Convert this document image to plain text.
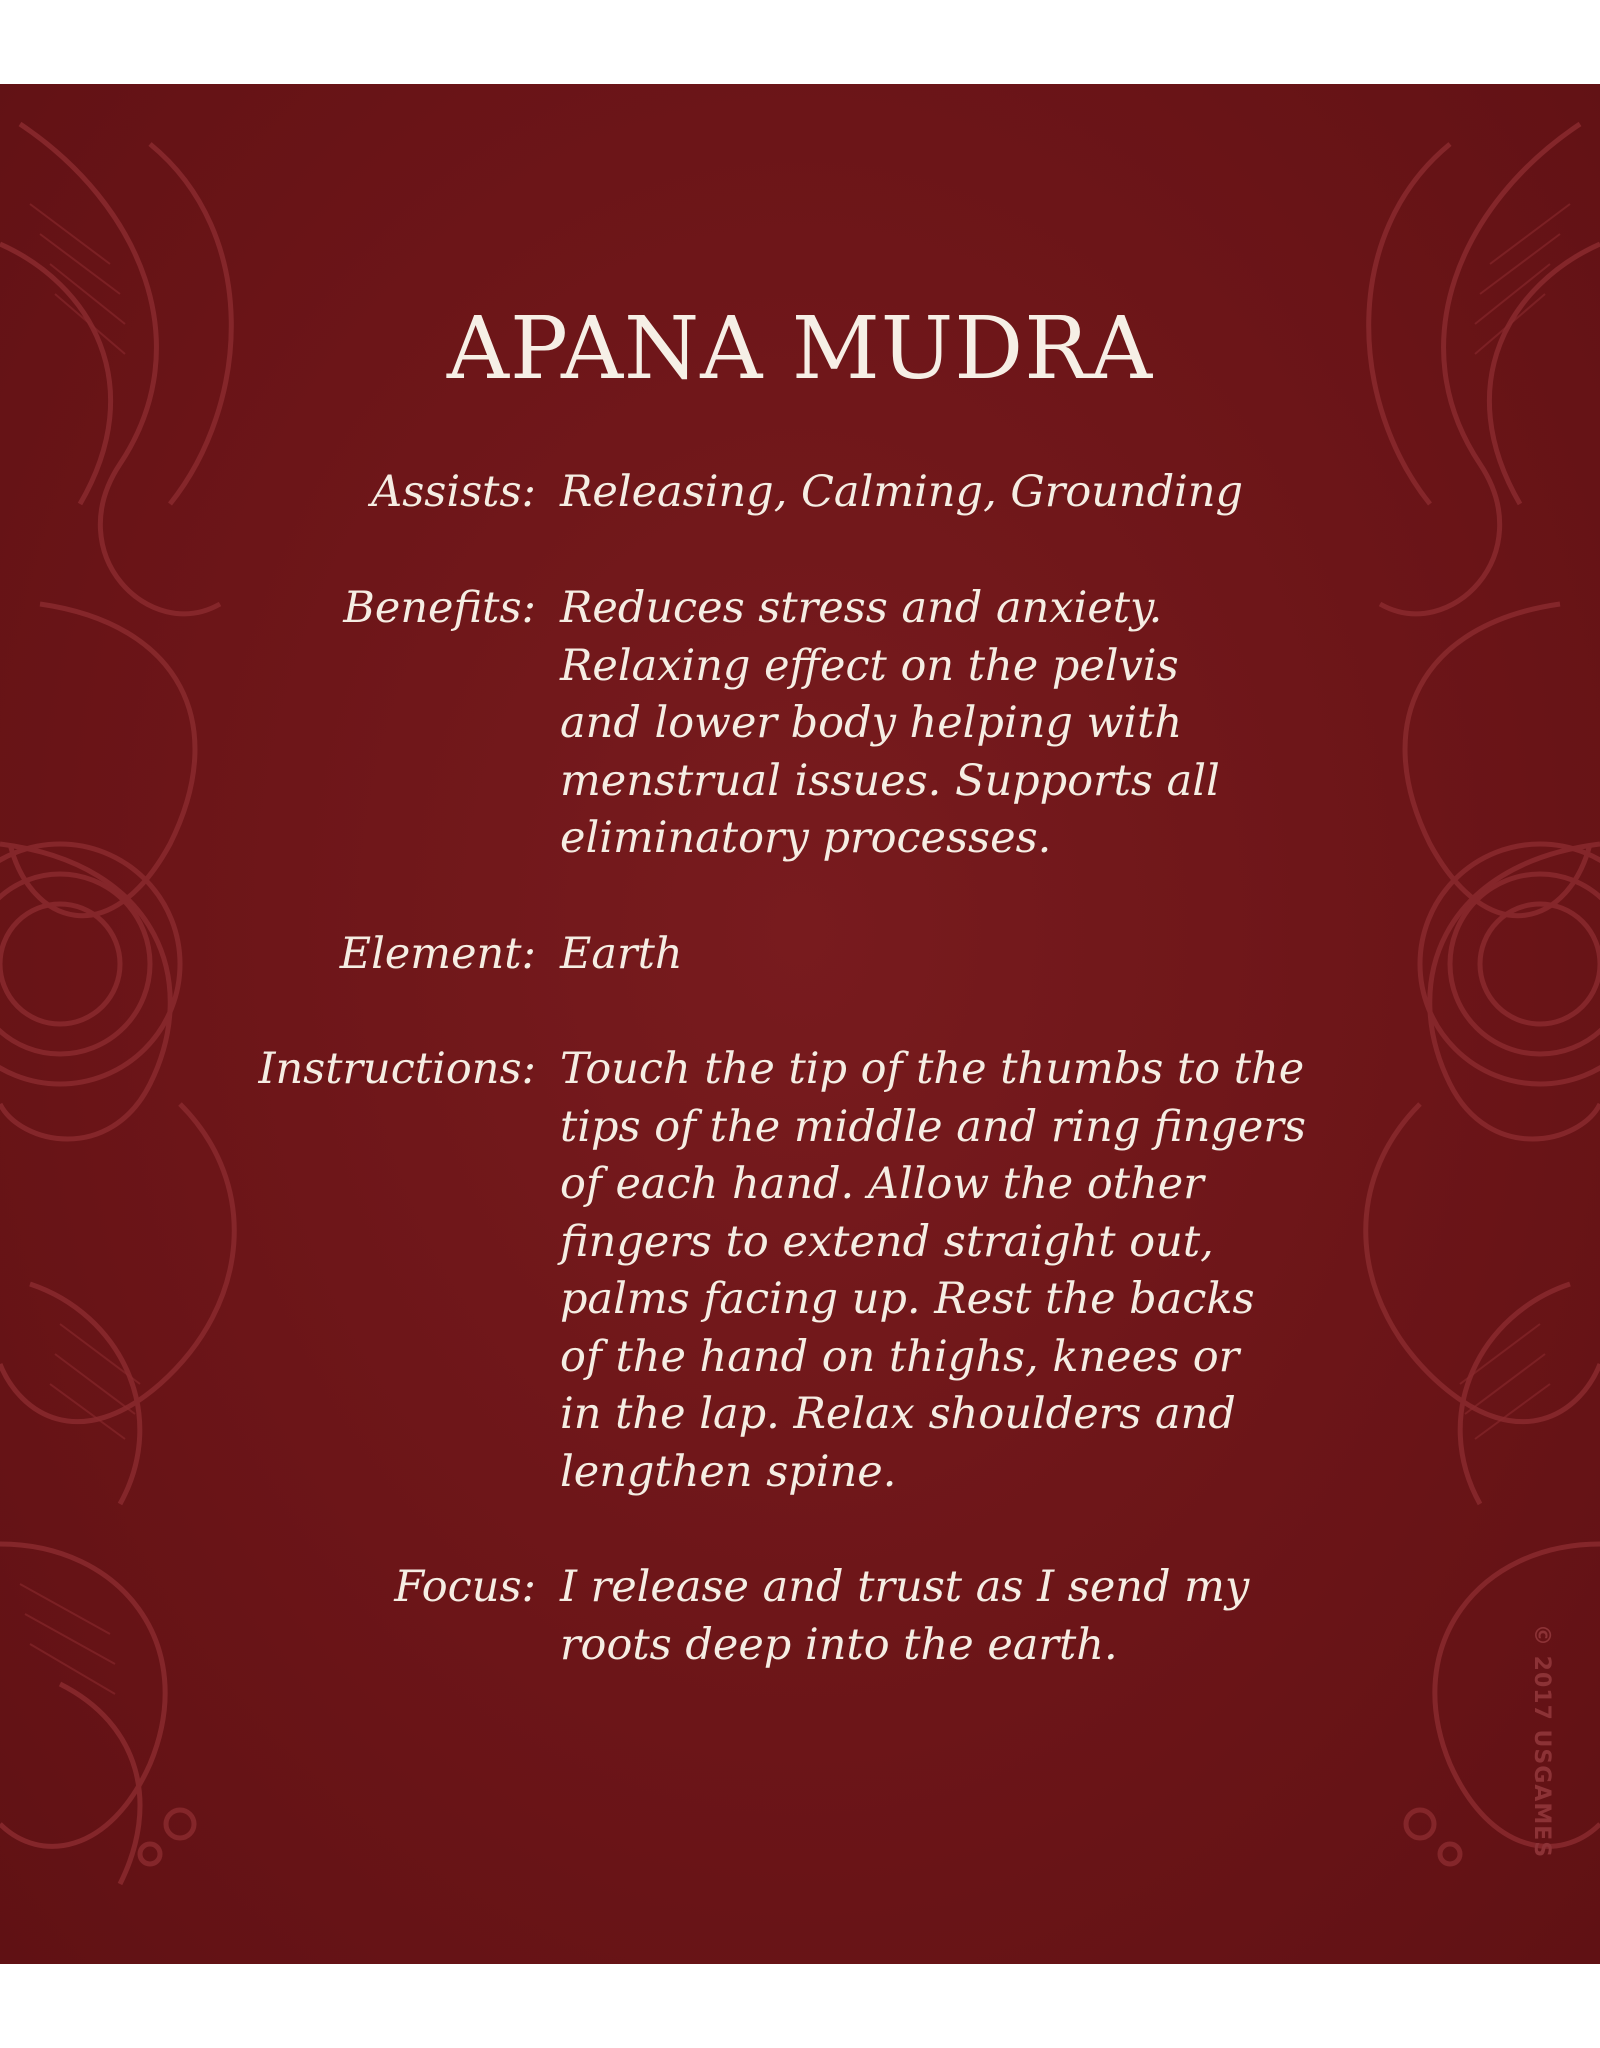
APANA MUDRA
Assists: Releasing, Calming, Grounding
Benefits: Reduces stress and anxiety.
Relaxing effect on the pelvis
and lower body helping with
menstrual issues. Supports all
eliminatory processes.
Element: Earth
Instructions: Touch the tip of the thumbs to the
tips of the middle and ring fingers
of each hand. Allow the other
fingers to extend straight out,
palms facing up. Rest the backs
of the hand on thighs, knees or
in the lap. Relax shoulders and
lengthen spine.
Focus: I release and trust as I send my
roots deep into the earth.	© 2017 USGAMES
